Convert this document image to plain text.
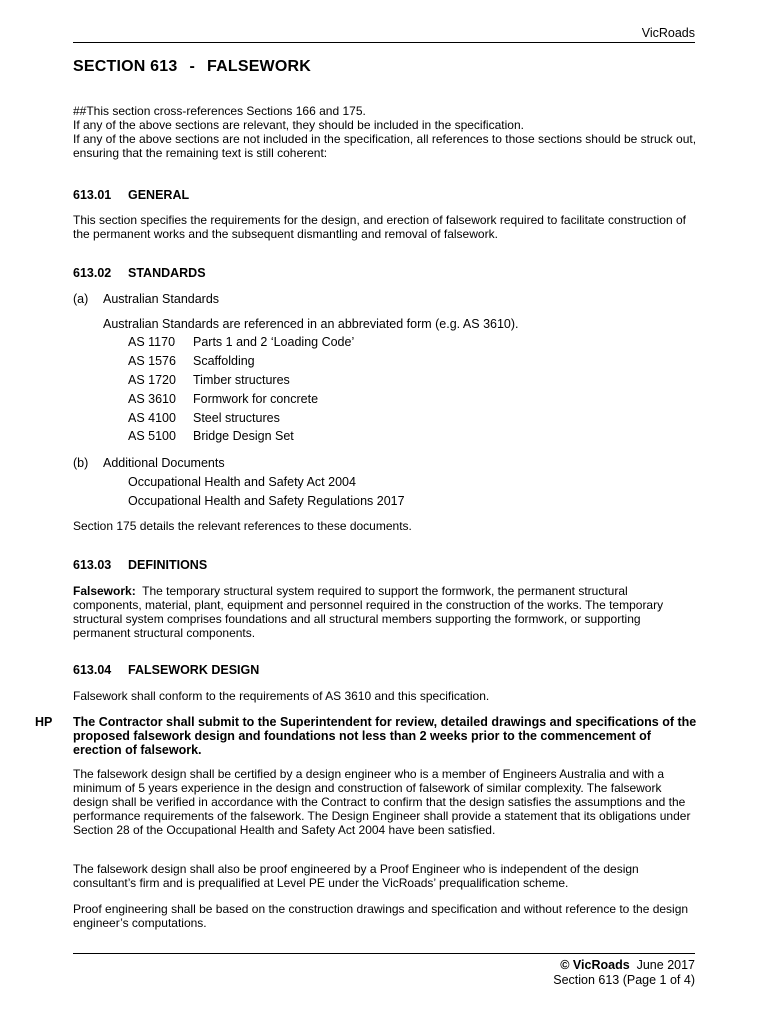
VicRoads
SECTION 613 - FALSEWORK

##This section cross-references Sections 166 and 175.

If any of the above sections are relevant, they should be included in the specification.

If any of the above sections are not included in the specification, all references to those sections should be struck out, ensuring that the remaining text is still coherent:

613.01 GENERAL
This section specifies the requirements for the design, and erection of falsework required to facilitate construction of the permanent works and the subsequent dismantling and removal of falsework.
613.02 STANDARDS
(a) Australian Standards
Australian Standards are referenced in an abbreviated form (e.g. AS 3610).
AS 1170 Parts 1 and 2 ‘Loading Code’
AS 1576 Scaffolding
AS 1720 Timber structures
AS 3610 Formwork for concrete
AS 4100 Steel structures
AS 5100 Bridge Design Set
(b) Additional Documents
Occupational Health and Safety Act 2004
Occupational Health and Safety Regulations 2017
Section 175 details the relevant references to these documents.
613.03 DEFINITIONS
Falsework: The temporary structural system required to support the formwork, the permanent structural components, material, plant, equipment and personnel required in the construction of the works. The temporary structural system comprises foundations and all structural members supporting the formwork, or supporting permanent structural components.
613.04 FALSEWORK DESIGN
Falsework shall conform to the requirements of AS 3610 and this specification.
HP The Contractor shall submit to the Superintendent for review, detailed drawings and specifications of the proposed falsework design and foundations not less than 2 weeks prior to the commencement of erection of falsework.
The falsework design shall be certified by a design engineer who is a member of Engineers Australia and with a minimum of 5 years experience in the design and construction of falsework of similar complexity. The falsework design shall be verified in accordance with the Contract to confirm that the design satisfies the assumptions and the performance requirements of the falsework. The Design Engineer shall provide a statement that its obligations under Section 28 of the Occupational Health and Safety Act 2004 have been satisfied.
The falsework design shall also be proof engineered by a Proof Engineer who is independent of the design consultant’s firm and is prequalified at Level PE under the VicRoads’ prequalification scheme.
Proof engineering shall be based on the construction drawings and specification and without reference to the design engineer’s computations.
© VicRoads June 2017
Section 613 (Page 1 of 4)
